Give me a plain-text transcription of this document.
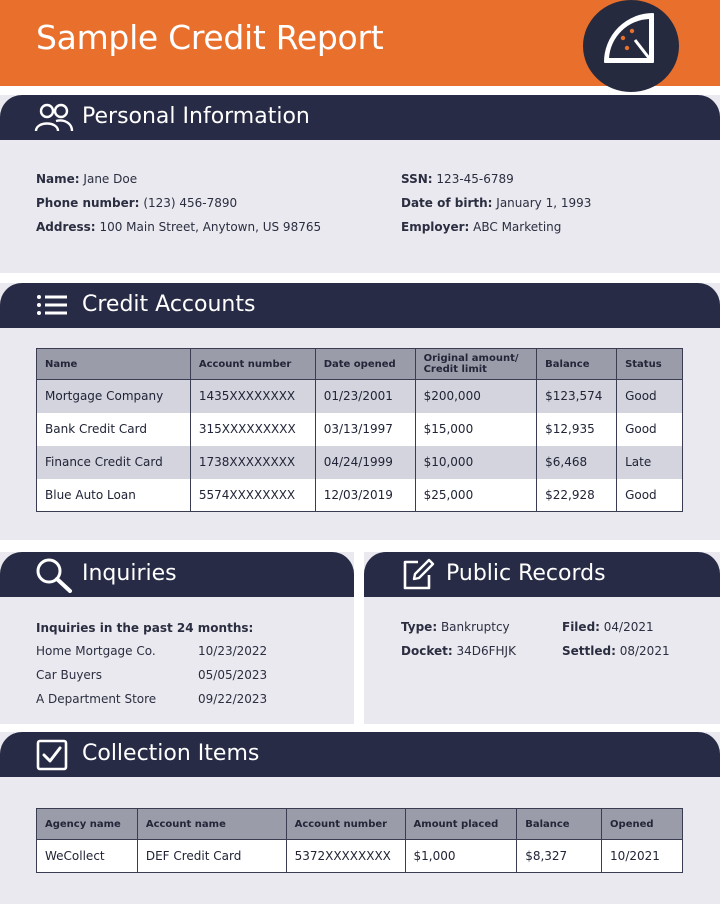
Sample Credit Report
Personal Information
Name: Jane Doe
Phone number: (123) 456-7890
Address: 100 Main Street, Anytown, US 98765
SSN: 123-45-6789
Date of birth: January 1, 1993
Employer: ABC Marketing
Credit Accounts
Name	Account number	Date opened	Original amount/ Credit limit	Balance	Status
Mortgage Company	1435XXXXXXXX	01/23/2001	$200,000	$123,574	Good
Bank Credit Card	315XXXXXXXXX	03/13/1997	$15,000	$12,935	Good
Finance Credit Card	1738XXXXXXXX	04/24/1999	$10,000	$6,468	Late
Blue Auto Loan	5574XXXXXXXX	12/03/2019	$25,000	$22,928	Good
Inquiries
Inquiries in the past 24 months:
Home Mortgage Co.	10/23/2022
Car Buyers	05/05/2023
A Department Store	09/22/2023
Public Records
Type: Bankruptcy
Docket: 34D6FHJK
Filed: 04/2021
Settled: 08/2021
Collection Items
Agency name	Account name	Account number	Amount placed	Balance	Opened
WeCollect	DEF Credit Card	5372XXXXXXXX	$1,000	$8,327	10/2021
